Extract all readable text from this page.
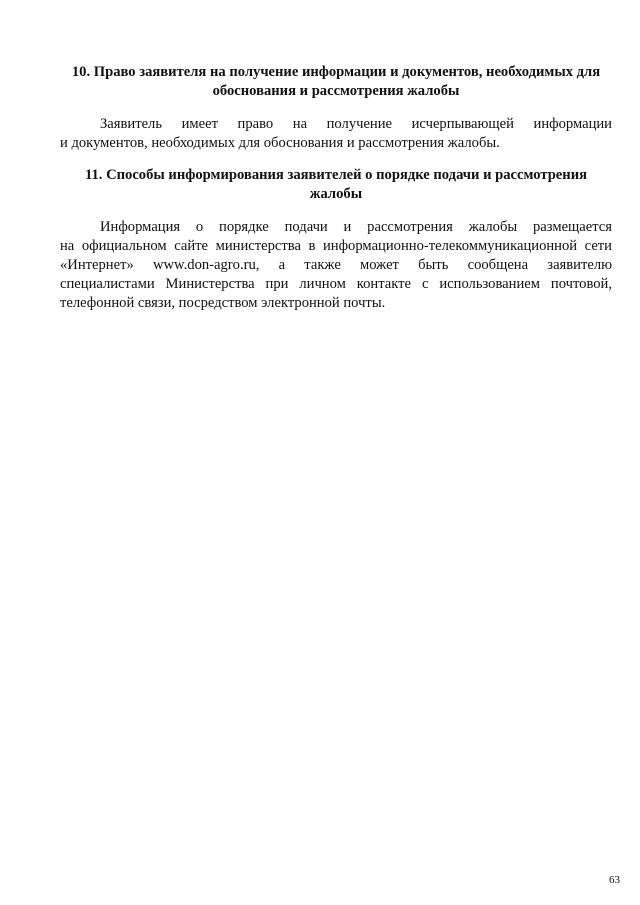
10. Право заявителя на получение информации и документов, необходимых для
обоснования и рассмотрения жалобы
Заявитель имеет право на получение исчерпывающей информации
и документов, необходимых для обоснования и рассмотрения жалобы.
11. Способы информирования заявителей о порядке подачи и рассмотрения
жалобы
Информация о порядке подачи и рассмотрения жалобы размещается
на официальном сайте министерства в информационно-телекоммуникационной сети
«Интернет» www.don-agro.ru, а также может быть сообщена заявителю
специалистами Министерства при личном контакте с использованием почтовой,
телефонной связи, посредством электронной почты.
63
